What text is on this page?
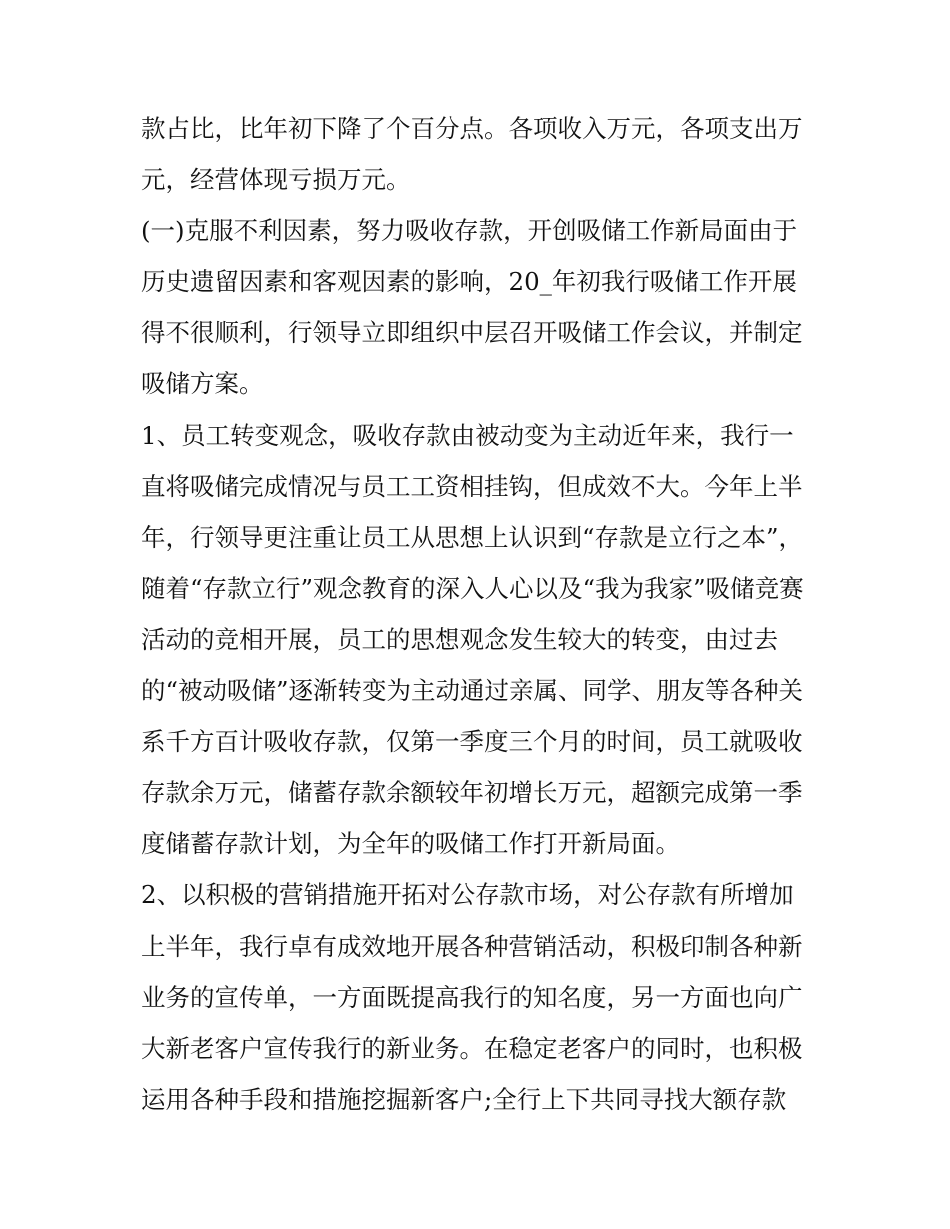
款占比，比年初下降了个百分点。各项收入万元，各项支出万
元，经营体现亏损万元。
(一)克服不利因素，努力吸收存款，开创吸储工作新局面由于
历史遗留因素和客观因素的影响，20_年初我行吸储工作开展
得不很顺利，行领导立即组织中层召开吸储工作会议，并制定
吸储方案。
1、员工转变观念，吸收存款由被动变为主动近年来，我行一
直将吸储完成情况与员工工资相挂钩，但成效不大。今年上半
年，行领导更注重让员工从思想上认识到“存款是立行之本”，
随着“存款立行”观念教育的深入人心以及“我为我家”吸储竞赛
活动的竞相开展，员工的思想观念发生较大的转变，由过去
的“被动吸储”逐渐转变为主动通过亲属、同学、朋友等各种关
系千方百计吸收存款，仅第一季度三个月的时间，员工就吸收
存款余万元，储蓄存款余额较年初增长万元，超额完成第一季
度储蓄存款计划，为全年的吸储工作打开新局面。
2、以积极的营销措施开拓对公存款市场，对公存款有所增加
上半年，我行卓有成效地开展各种营销活动，积极印制各种新
业务的宣传单，一方面既提高我行的知名度，另一方面也向广
大新老客户宣传我行的新业务。在稳定老客户的同时，也积极
运用各种手段和措施挖掘新客户;全行上下共同寻找大额存款
